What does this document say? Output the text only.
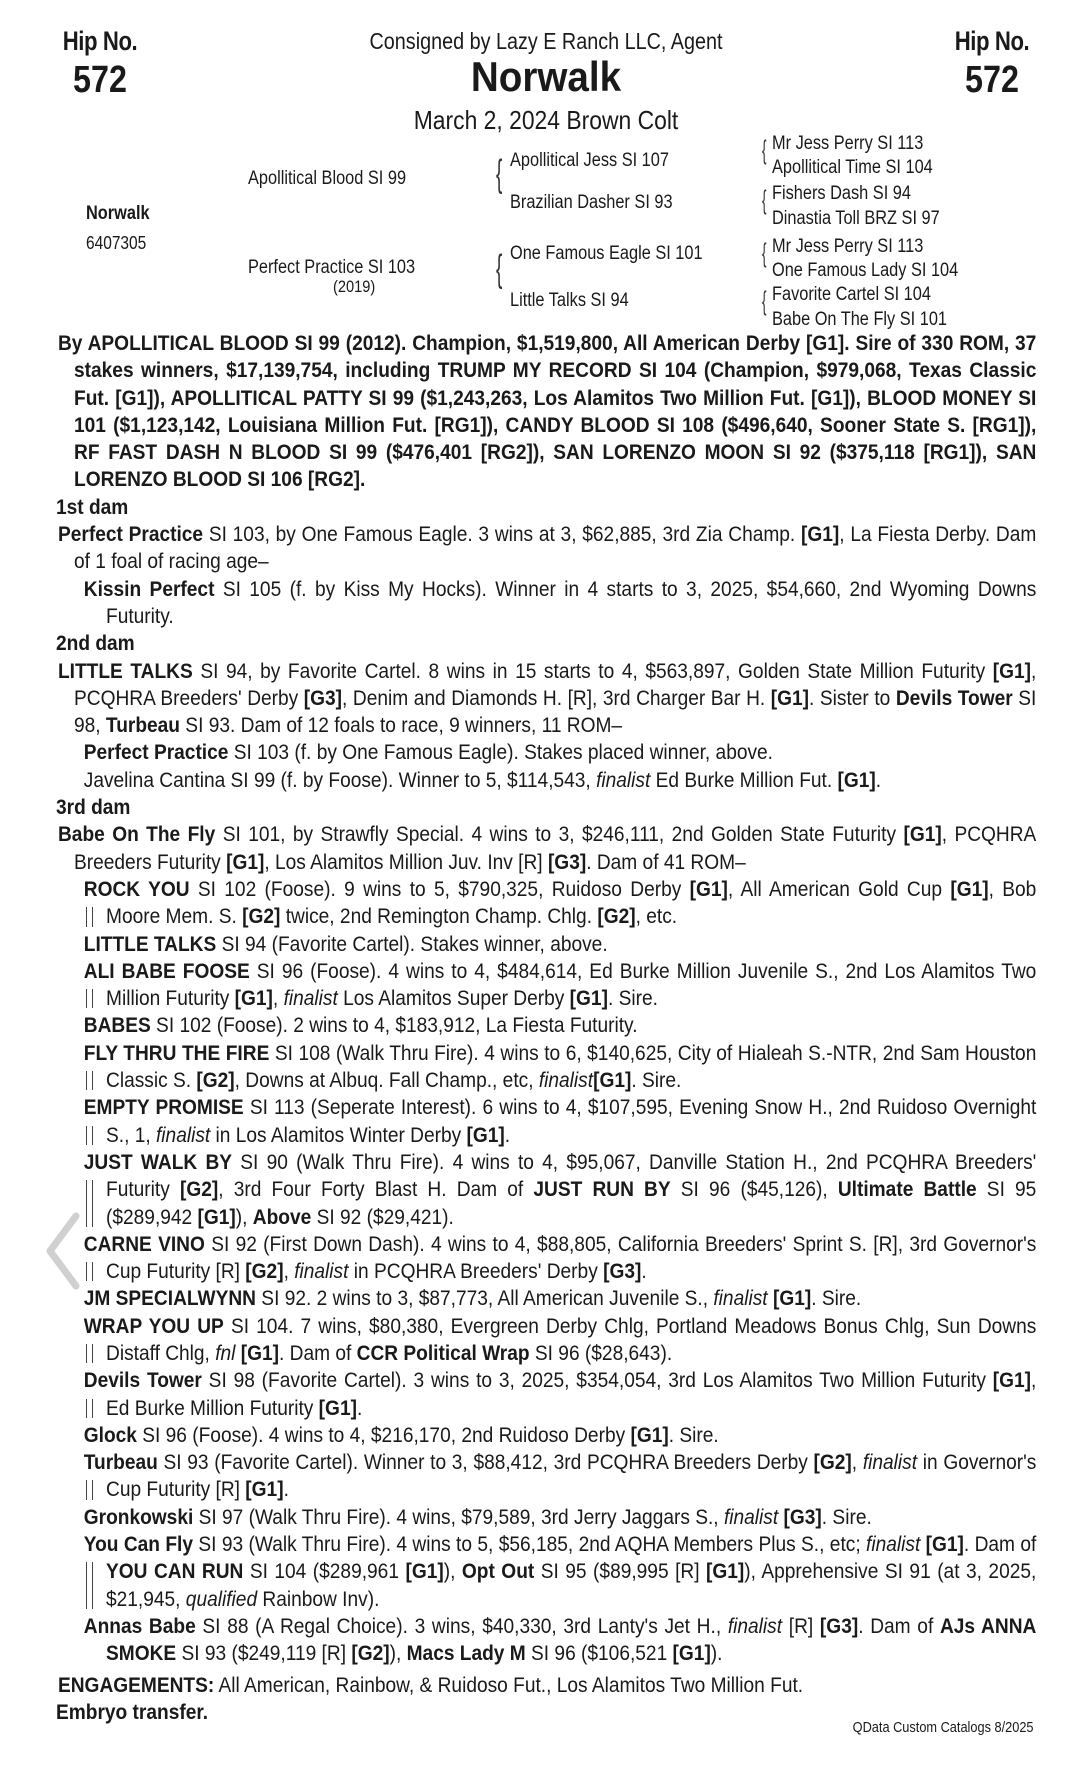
Hip No.
572
Hip No.
572
Consigned by Lazy E Ranch LLC, Agent
Norwalk
March 2, 2024 Brown Colt
Norwalk
6407305
Apollitical Blood SI 99
Perfect Practice SI 103
(2019)
{ Apollitical Jess SI 107
Brazilian Dasher SI 93
{ One Famous Eagle SI 101
Little Talks SI 94
{ Mr Jess Perry SI 113
Apollitical Time SI 104
{ Fishers Dash SI 94
Dinastia Toll BRZ SI 97
{ Mr Jess Perry SI 113
One Famous Lady SI 104
{ Favorite Cartel SI 104
Babe On The Fly SI 101
By APOLLITICAL BLOOD SI 99 (2012). Champion, $1,519,800, All American Derby [G1]. Sire of 330 ROM, 37 stakes winners, $17,139,754, including TRUMP MY RECORD SI 104 (Champion, $979,068, Texas Classic Fut. [G1]), APOLLITICAL PATTY SI 99 ($1,243,263, Los Alamitos Two Million Fut. [G1]), BLOOD MONEY SI 101 ($1,123,142, Louisiana Million Fut. [RG1]), CANDY BLOOD SI 108 ($496,640, Sooner State S. [RG1]), RF FAST DASH N BLOOD SI 99 ($476,401 [RG2]), SAN LORENZO MOON SI 92 ($375,118 [RG1]), SAN LORENZO BLOOD SI 106 [RG2].
1st dam
Perfect Practice SI 103, by One Famous Eagle. 3 wins at 3, $62,885, 3rd Zia Champ. [G1], La Fiesta Derby. Dam of 1 foal of racing age–
Kissin Perfect SI 105 (f. by Kiss My Hocks). Winner in 4 starts to 3, 2025, $54,660, 2nd Wyoming Downs Futurity.
2nd dam
LITTLE TALKS SI 94, by Favorite Cartel. 8 wins in 15 starts to 4, $563,897, Golden State Million Futurity [G1], PCQHRA Breeders' Derby [G3], Denim and Diamonds H. [R], 3rd Charger Bar H. [G1]. Sister to Devils Tower SI 98, Turbeau SI 93. Dam of 12 foals to race, 9 winners, 11 ROM–
Perfect Practice SI 103 (f. by One Famous Eagle). Stakes placed winner, above.
Javelina Cantina SI 99 (f. by Foose). Winner to 5, $114,543, finalist Ed Burke Million Fut. [G1].
3rd dam
Babe On The Fly SI 101, by Strawfly Special. 4 wins to 3, $246,111, 2nd Golden State Futurity [G1], PCQHRA Breeders Futurity [G1], Los Alamitos Million Juv. Inv [R] [G3]. Dam of 41 ROM–
ROCK YOU SI 102 (Foose). 9 wins to 5, $790,325, Ruidoso Derby [G1], All American Gold Cup [G1], Bob Moore Mem. S. [G2] twice, 2nd Remington Champ. Chlg. [G2], etc.
LITTLE TALKS SI 94 (Favorite Cartel). Stakes winner, above.
ALI BABE FOOSE SI 96 (Foose). 4 wins to 4, $484,614, Ed Burke Million Juvenile S., 2nd Los Alamitos Two Million Futurity [G1], finalist Los Alamitos Super Derby [G1]. Sire.
BABES SI 102 (Foose). 2 wins to 4, $183,912, La Fiesta Futurity.
FLY THRU THE FIRE SI 108 (Walk Thru Fire). 4 wins to 6, $140,625, City of Hialeah S.-NTR, 2nd Sam Houston Classic S. [G2], Downs at Albuq. Fall Champ., etc, finalist[G1]. Sire.
EMPTY PROMISE SI 113 (Seperate Interest). 6 wins to 4, $107,595, Evening Snow H., 2nd Ruidoso Overnight S., 1, finalist in Los Alamitos Winter Derby [G1].
JUST WALK BY SI 90 (Walk Thru Fire). 4 wins to 4, $95,067, Danville Station H., 2nd PCQHRA Breeders' Futurity [G2], 3rd Four Forty Blast H. Dam of JUST RUN BY SI 96 ($45,126), Ultimate Battle SI 95 ($289,942 [G1]), Above SI 92 ($29,421).
CARNE VINO SI 92 (First Down Dash). 4 wins to 4, $88,805, California Breeders' Sprint S. [R], 3rd Governor's Cup Futurity [R] [G2], finalist in PCQHRA Breeders' Derby [G3].
JM SPECIALWYNN SI 92. 2 wins to 3, $87,773, All American Juvenile S., finalist [G1]. Sire.
WRAP YOU UP SI 104. 7 wins, $80,380, Evergreen Derby Chlg, Portland Meadows Bonus Chlg, Sun Downs Distaff Chlg, fnl [G1]. Dam of CCR Political Wrap SI 96 ($28,643).
Devils Tower SI 98 (Favorite Cartel). 3 wins to 3, 2025, $354,054, 3rd Los Alamitos Two Million Futurity [G1], Ed Burke Million Futurity [G1].
Glock SI 96 (Foose). 4 wins to 4, $216,170, 2nd Ruidoso Derby [G1]. Sire.
Turbeau SI 93 (Favorite Cartel). Winner to 3, $88,412, 3rd PCQHRA Breeders Derby [G2], finalist in Governor's Cup Futurity [R] [G1].
Gronkowski SI 97 (Walk Thru Fire). 4 wins, $79,589, 3rd Jerry Jaggars S., finalist [G3]. Sire.
You Can Fly SI 93 (Walk Thru Fire). 4 wins to 5, $56,185, 2nd AQHA Members Plus S., etc; finalist [G1]. Dam of YOU CAN RUN SI 104 ($289,961 [G1]), Opt Out SI 95 ($89,995 [R] [G1]), Apprehensive SI 91 (at 3, 2025, $21,945, qualified Rainbow Inv).
Annas Babe SI 88 (A Regal Choice). 3 wins, $40,330, 3rd Lanty's Jet H., finalist [R] [G3]. Dam of AJs ANNA SMOKE SI 93 ($249,119 [R] [G2]), Macs Lady M SI 96 ($106,521 [G1]).
ENGAGEMENTS: All American, Rainbow, & Ruidoso Fut., Los Alamitos Two Million Fut.
Embryo transfer.
QData Custom Catalogs 8/2025
